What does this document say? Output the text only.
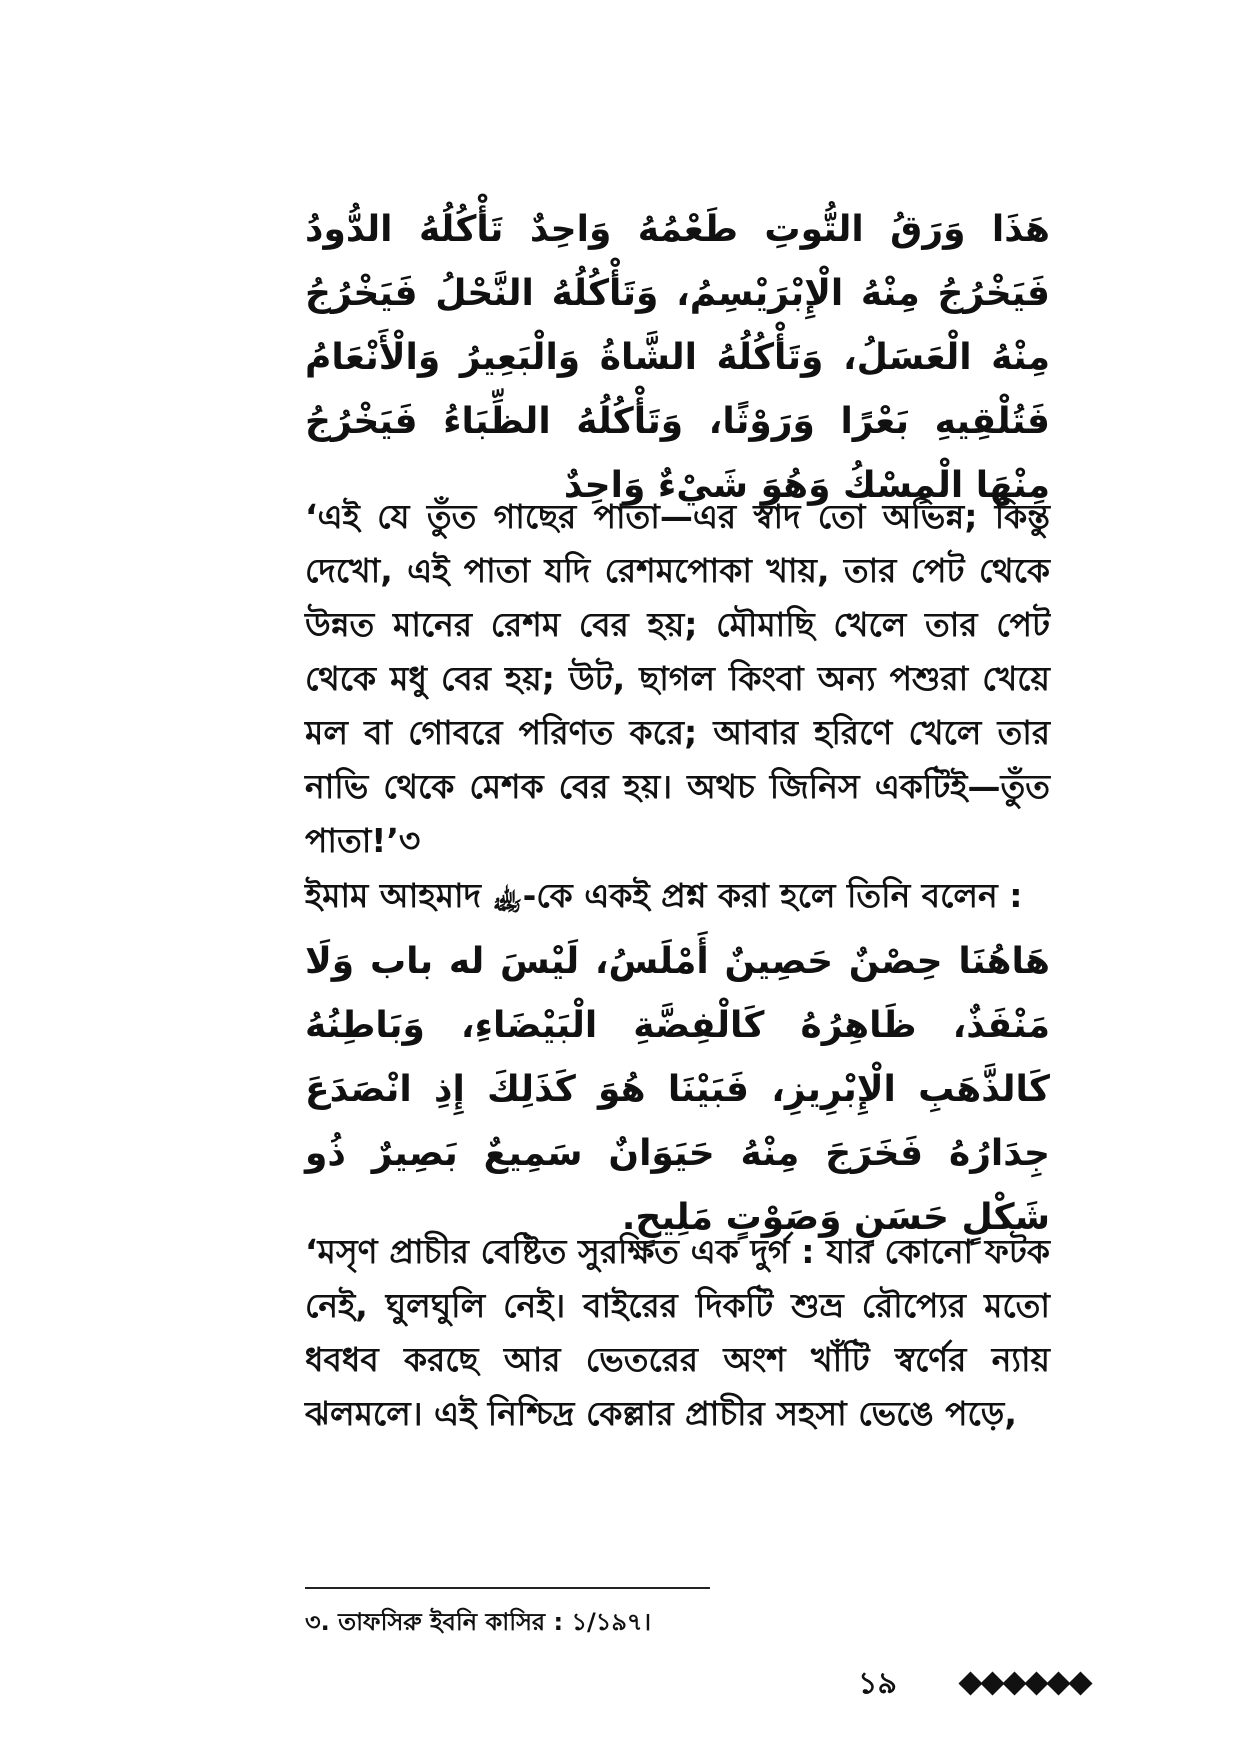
هَذَا وَرَقُ التُّوتِ طَعْمُهُ وَاحِدٌ تَأْكُلُهُ الدُّودُ فَيَخْرُجُ مِنْهُ الْإِبْرَيْسِمُ، وَتَأْكُلُهُ النَّحْلُ فَيَخْرُجُ مِنْهُ الْعَسَلُ، وَتَأْكُلُهُ الشَّاةُ وَالْبَعِيرُ وَالْأَنْعَامُ فَتُلْقِيهِ بَعْرًا وَرَوْثًا، وَتَأْكُلُهُ الظِّبَاءُ فَيَخْرُجُ مِنْهَا الْمِسْكُ وَهُوَ شَيْءٌ وَاحِدٌ
‘এই যে তুঁত গাছের পাতা—এর স্বাদ তো অভিন্ন; কিন্তু দেখো, এই পাতা যদি রেশমপোকা খায়, তার পেট থেকে উন্নত মানের রেশম বের হয়; মৌমাছি খেলে তার পেট থেকে মধু বের হয়; উট, ছাগল কিংবা অন্য পশুরা খেয়ে মল বা গোবরে পরিণত করে; আবার হরিণে খেলে তার নাভি থেকে মেশক বের হয়। অথচ জিনিস একটিই—তুঁত পাতা!’৩
ইমাম আহমাদ ﵀-কে একই প্রশ্ন করা হলে তিনি বলেন :
هَاهُنَا حِصْنٌ حَصِينٌ أَمْلَسُ، لَيْسَ له باب وَلَا مَنْفَذٌ، ظَاهِرُهُ كَالْفِضَّةِ الْبَيْضَاءِ، وَبَاطِنُهُ كَالذَّهَبِ الْإِبْرِيزِ، فَبَيْنَا هُوَ كَذَلِكَ إِذِ انْصَدَعَ جِدَارُهُ فَخَرَجَ مِنْهُ حَيَوَانٌ سَمِيعٌ بَصِيرٌ ذُو شَكْلٍ حَسَنٍ وَصَوْتٍ مَلِيحٍ.
‘মসৃণ প্রাচীর বেষ্টিত সুরক্ষিত এক দুর্গ : যার কোনো ফটক নেই, ঘুলঘুলি নেই। বাইরের দিকটি শুভ্র রৌপ্যের মতো ধবধব করছে আর ভেতরের অংশ খাঁটি স্বর্ণের ন্যায় ঝলমলে। এই নিশ্চিদ্র কেল্লার প্রাচীর সহসা ভেঙে পড়ে,
৩. তাফসিরু ইবনি কাসির : ১/১৯৭।
১৯
